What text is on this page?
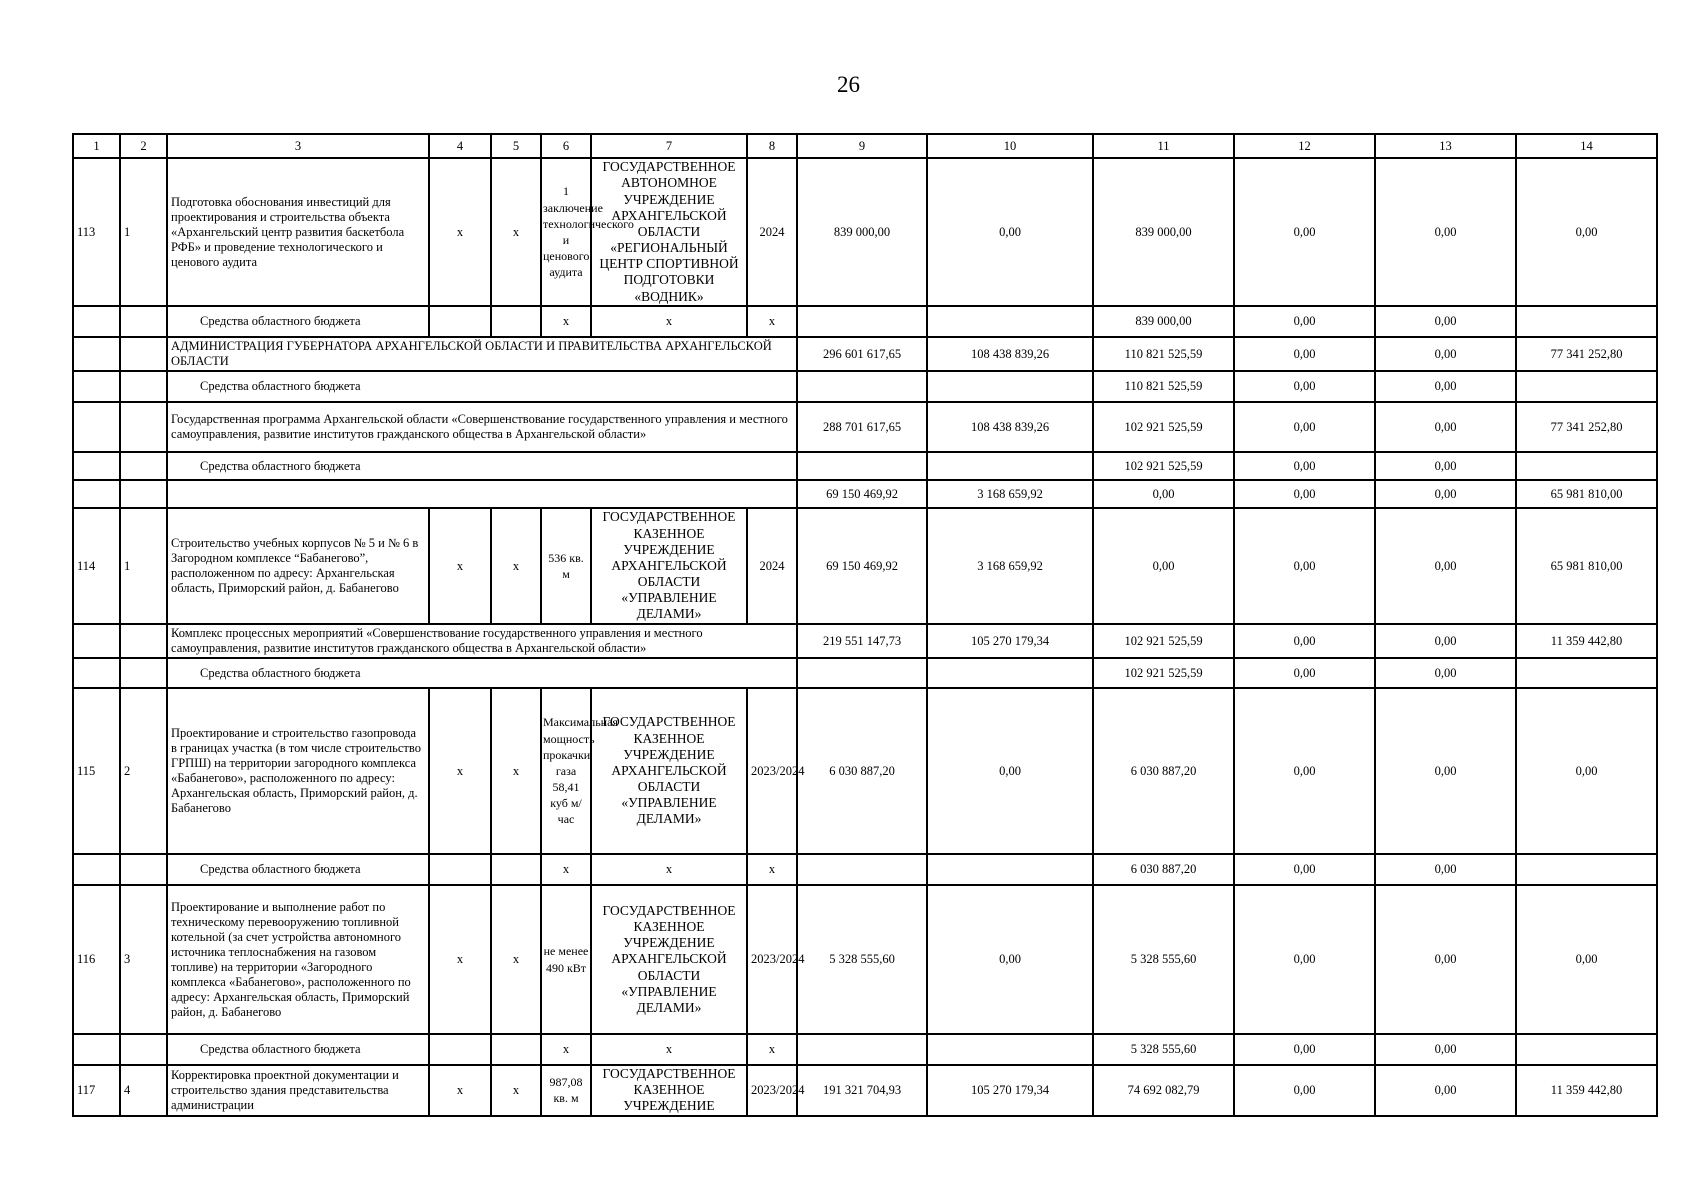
26
1	2	3	4	5	6	7	8	9	10	11	12	13	14
113	1	Подготовка обоснования инвестиций для проектирования и строительства объекта «Архангельский центр развития баскетбола РФБ» и проведение технологического и ценового аудита	х	х	1 заключение технологического и ценового аудита	ГОСУДАРСТВЕННОЕ АВТОНОМНОЕ УЧРЕЖДЕНИЕ АРХАНГЕЛЬСКОЙ ОБЛАСТИ «РЕГИОНАЛЬНЫЙ ЦЕНТР СПОРТИВНОЙ ПОДГОТОВКИ «ВОДНИК»	2024	839 000,00	0,00	839 000,00	0,00	0,00	0,00
		Средства областного бюджета			х	х	х			839 000,00	0,00	0,00	
		АДМИНИСТРАЦИЯ ГУБЕРНАТОРА АРХАНГЕЛЬСКОЙ ОБЛАСТИ И ПРАВИТЕЛЬСТВА АРХАНГЕЛЬСКОЙ ОБЛАСТИ						296 601 617,65	108 438 839,26	110 821 525,59	0,00	0,00	77 341 252,80
		Средства областного бюджета								110 821 525,59	0,00	0,00	
		Государственная программа Архангельской области «Совершенствование государственного управления и местного самоуправления, развитие институтов гражданского общества в Архангельской области»						288 701 617,65	108 438 839,26	102 921 525,59	0,00	0,00	77 341 252,80
		Средства областного бюджета								102 921 525,59	0,00	0,00	
								69 150 469,92	3 168 659,92	0,00	0,00	0,00	65 981 810,00
114	1	Строительство учебных корпусов № 5 и № 6 в Загородном комплексе “Бабанегово”, расположенном по адресу: Архангельская область, Приморский район, д. Бабанегово	х	х	536 кв. м	ГОСУДАРСТВЕННОЕ КАЗЕННОЕ УЧРЕЖДЕНИЕ АРХАНГЕЛЬСКОЙ ОБЛАСТИ «УПРАВЛЕНИЕ ДЕЛАМИ»	2024	69 150 469,92	3 168 659,92	0,00	0,00	0,00	65 981 810,00
		Комплекс процессных мероприятий «Совершенствование государственного управления и местного самоуправления, развитие институтов гражданского общества в Архангельской области»						219 551 147,73	105 270 179,34	102 921 525,59	0,00	0,00	11 359 442,80
		Средства областного бюджета								102 921 525,59	0,00	0,00	
115	2	Проектирование и строительство газопровода в границах участка (в том числе строительство ГРПШ) на территории загородного комплекса «Бабанегово», расположенного по адресу: Архангельская область, Приморский район, д. Бабанегово	х	х	Максимальная мощность прокачки газа 58,41 куб м/час	ГОСУДАРСТВЕННОЕ КАЗЕННОЕ УЧРЕЖДЕНИЕ АРХАНГЕЛЬСКОЙ ОБЛАСТИ «УПРАВЛЕНИЕ ДЕЛАМИ»	2023/2024	6 030 887,20	0,00	6 030 887,20	0,00	0,00	0,00
		Средства областного бюджета			х	х	х			6 030 887,20	0,00	0,00	
116	3	Проектирование и выполнение работ по техническому перевооружению топливной котельной (за счет устройства автономного источника теплоснабжения на газовом топливе) на территории «Загородного комплекса «Бабанегово», расположенного по адресу: Архангельская область, Приморский район, д. Бабанегово	х	х	не менее 490 кВт	ГОСУДАРСТВЕННОЕ КАЗЕННОЕ УЧРЕЖДЕНИЕ АРХАНГЕЛЬСКОЙ ОБЛАСТИ «УПРАВЛЕНИЕ ДЕЛАМИ»	2023/2024	5 328 555,60	0,00	5 328 555,60	0,00	0,00	0,00
		Средства областного бюджета			х	х	х			5 328 555,60	0,00	0,00	
117	4	Корректировка проектной документации и строительство здания представительства администрации	х	х	987,08 кв. м	ГОСУДАРСТВЕННОЕ КАЗЕННОЕ УЧРЕЖДЕНИЕ	2023/2024	191 321 704,93	105 270 179,34	74 692 082,79	0,00	0,00	11 359 442,80
